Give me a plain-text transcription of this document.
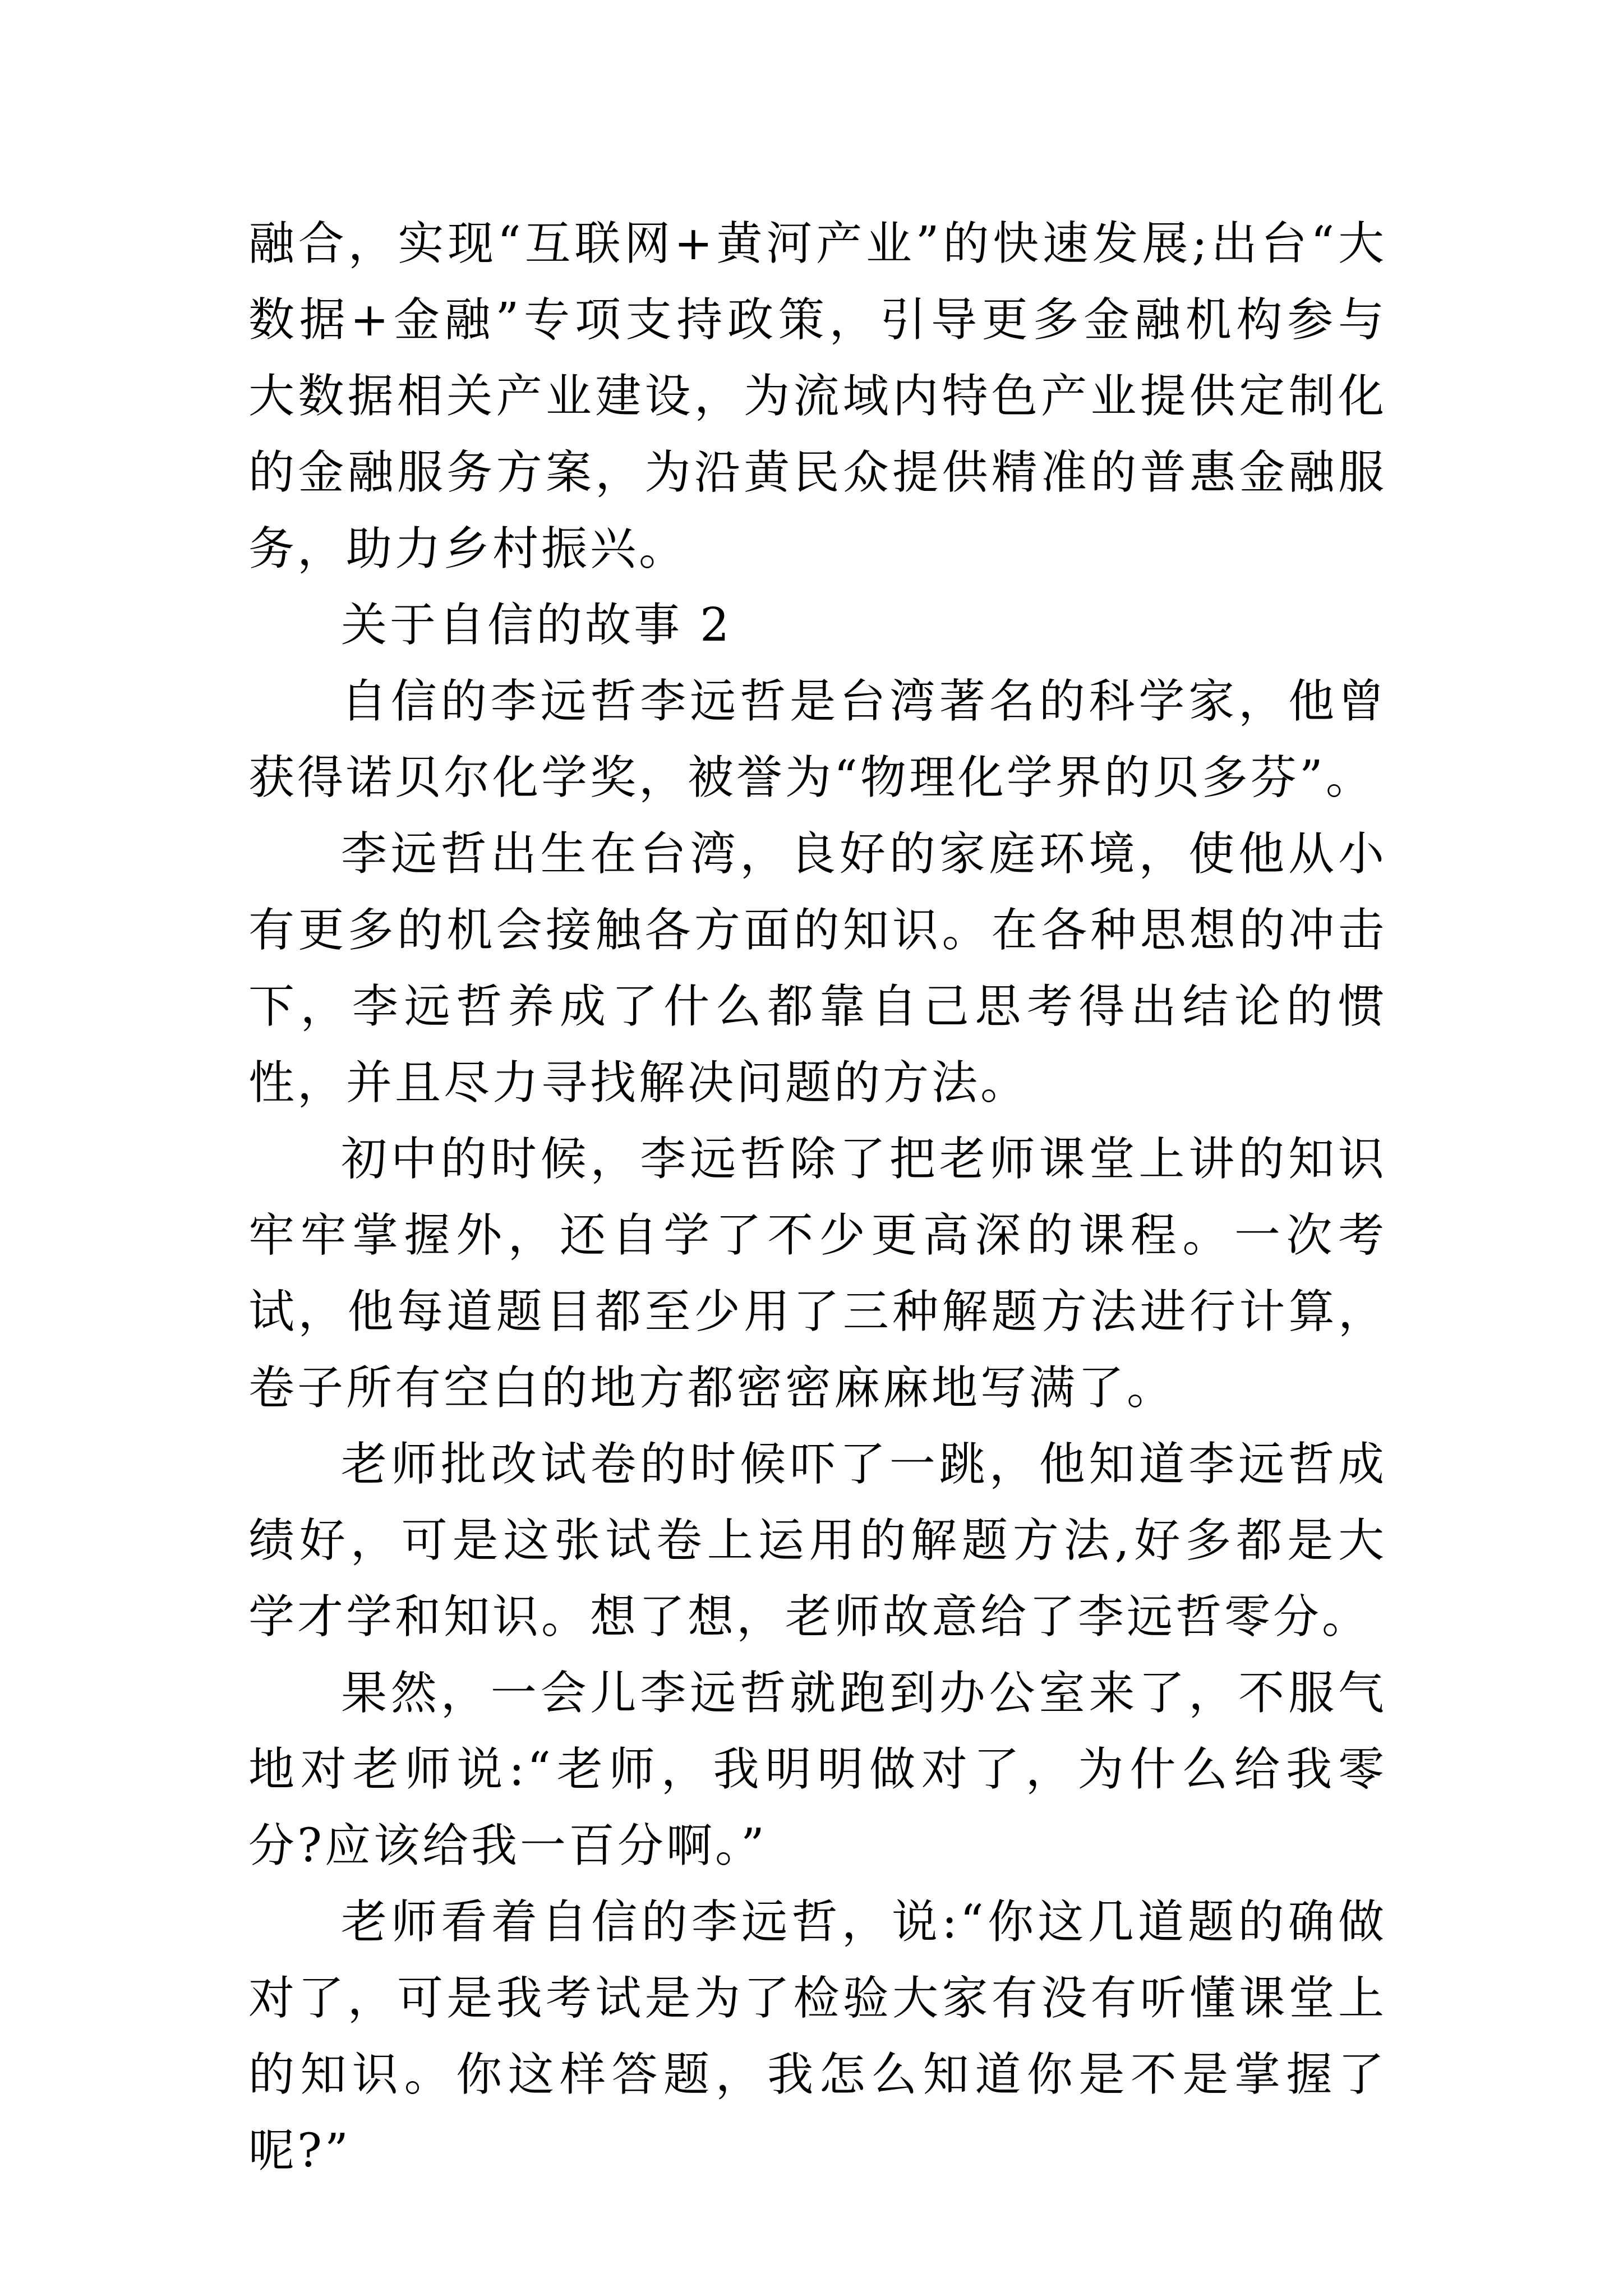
融合，实现“互联网+黄河产业”的快速发展;出台“大数据+金融”专项支持政策，引导更多金融机构参与大数据相关产业建设，为流域内特色产业提供定制化的金融服务方案，为沿黄民众提供精准的普惠金融服务，助力乡村振兴。

关于自信的故事 2

自信的李远哲李远哲是台湾著名的科学家，他曾获得诺贝尔化学奖，被誉为“物理化学界的贝多芬”。

李远哲出生在台湾，良好的家庭环境，使他从小有更多的机会接触各方面的知识。在各种思想的冲击下，李远哲养成了什么都靠自己思考得出结论的惯性，并且尽力寻找解决问题的方法。

初中的时候，李远哲除了把老师课堂上讲的知识牢牢掌握外，还自学了不少更高深的课程。一次考试，他每道题目都至少用了三种解题方法进行计算，卷子所有空白的地方都密密麻麻地写满了。

老师批改试卷的时候吓了一跳，他知道李远哲成绩好，可是这张试卷上运用的解题方法,好多都是大学才学和知识。想了想，老师故意给了李远哲零分。

果然，一会儿李远哲就跑到办公室来了，不服气地对老师说:“老师，我明明做对了，为什么给我零分?应该给我一百分啊。”

老师看着自信的李远哲，说:“你这几道题的确做对了，可是我考试是为了检验大家有没有听懂课堂上的知识。你这样答题，我怎么知道你是不是掌握了呢?”
